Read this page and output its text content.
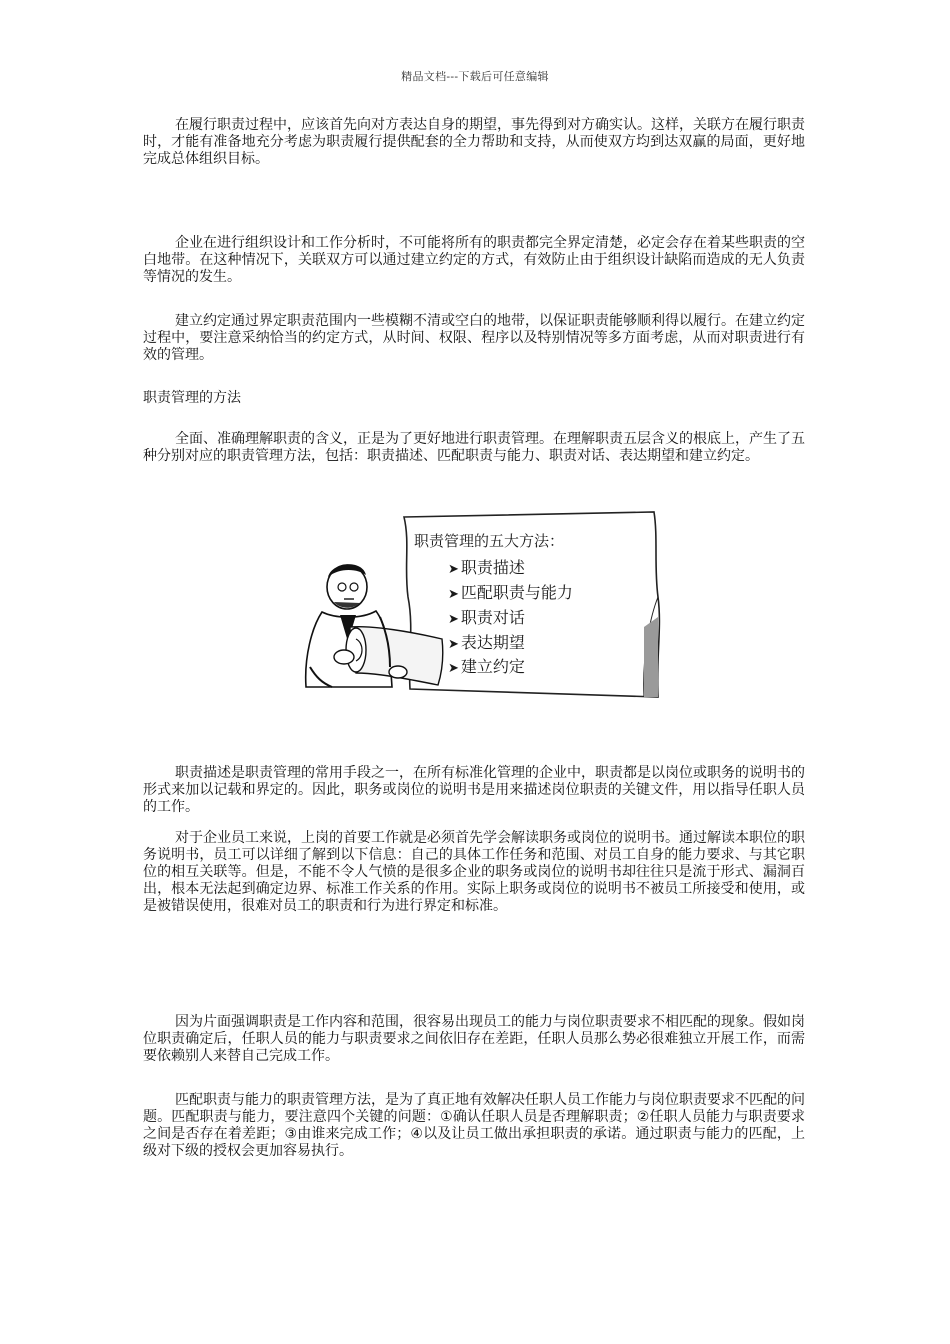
精品文档---下载后可任意编辑

在履行职责过程中，应该首先向对方表达自身的期望，事先得到对方确实认。这样，关联方在履行职责时，才能有准备地充分考虑为职责履行提供配套的全力帮助和支持，从而使双方均到达双赢的局面，更好地完成总体组织目标。

企业在进行组织设计和工作分析时，不可能将所有的职责都完全界定清楚，必定会存在着某些职责的空白地带。在这种情况下，关联双方可以通过建立约定的方式，有效防止由于组织设计缺陷而造成的无人负责等情况的发生。

建立约定通过界定职责范围内一些模糊不清或空白的地带，以保证职责能够顺利得以履行。在建立约定过程中，要注意采纳恰当的约定方式，从时间、权限、程序以及特别情况等多方面考虑，从而对职责进行有效的管理。

职责管理的方法

全面、准确理解职责的含义，正是为了更好地进行职责管理。在理解职责五层含义的根底上，产生了五种分别对应的职责管理方法，包括：职责描述、匹配职责与能力、职责对话、表达期望和建立约定。

职责管理的五大方法：
➤ 职责描述
➤ 匹配职责与能力
➤ 职责对话
➤ 表达期望
➤ 建立约定

职责描述是职责管理的常用手段之一，在所有标准化管理的企业中，职责都是以岗位或职务的说明书的形式来加以记载和界定的。因此，职务或岗位的说明书是用来描述岗位职责的关键文件，用以指导任职人员的工作。

对于企业员工来说，上岗的首要工作就是必须首先学会解读职务或岗位的说明书。通过解读本职位的职务说明书，员工可以详细了解到以下信息：自己的具体工作任务和范围、对员工自身的能力要求、与其它职位的相互关联等。但是，不能不令人气愤的是很多企业的职务或岗位的说明书却往往只是流于形式、漏洞百出，根本无法起到确定边界、标准工作关系的作用。实际上职务或岗位的说明书不被员工所接受和使用，或是被错误使用，很难对员工的职责和行为进行界定和标准。

因为片面强调职责是工作内容和范围，很容易出现员工的能力与岗位职责要求不相匹配的现象。假如岗位职责确定后，任职人员的能力与职责要求之间依旧存在差距，任职人员那么势必很难独立开展工作，而需要依赖别人来替自己完成工作。

匹配职责与能力的职责管理方法，是为了真正地有效解决任职人员工作能力与岗位职责要求不匹配的问题。匹配职责与能力，要注意四个关键的问题：①确认任职人员是否理解职责；②任职人员能力与职责要求之间是否存在着差距；③由谁来完成工作；④以及让员工做出承担职责的承诺。通过职责与能力的匹配，上级对下级的授权会更加容易执行。
